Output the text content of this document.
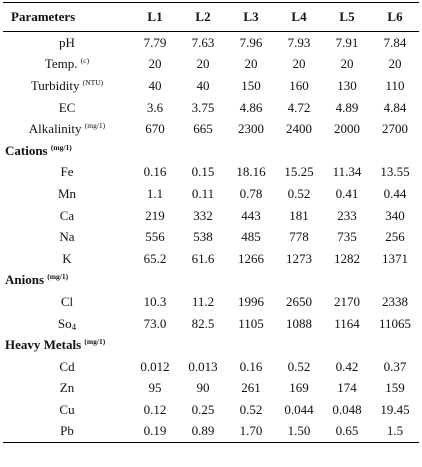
Parameters	L1	L2	L3	L4	L5	L6
pH	7.79	7.63	7.96	7.93	7.91	7.84
Temp. $^{(c)}$	20	20	20	20	20	20
Turbidity $^{(NTU)}$	40	40	150	160	130	110
EC	3.6	3.75	4.86	4.72	4.89	4.84
Alkalinity $^{(mg/1)}$	670	665	2300	2400	2000	2700
Cations $^{(mg/1)}$
Fe	0.16	0.15	18.16	15.25	11.34	13.55
Mn	1.1	0.11	0.78	0.52	0.41	0.44
Ca	219	332	443	181	233	340
Na	556	538	485	778	735	256
K	65.2	61.6	1266	1273	1282	1371
Anions $^{(mg/1)}$
Cl	10.3	11.2	1996	2650	2170	2338
$So_4$	73.0	82.5	1105	1088	1164	11065
Heavy Metals $^{(mg/1)}$
Cd	0.012	0.013	0.16	0.52	0.42	0.37
Zn	95	90	261	169	174	159
Cu	0.12	0.25	0.52	0.044	0.048	19.45
Pb	0.19	0.89	1.70	1.50	0.65	1.5
